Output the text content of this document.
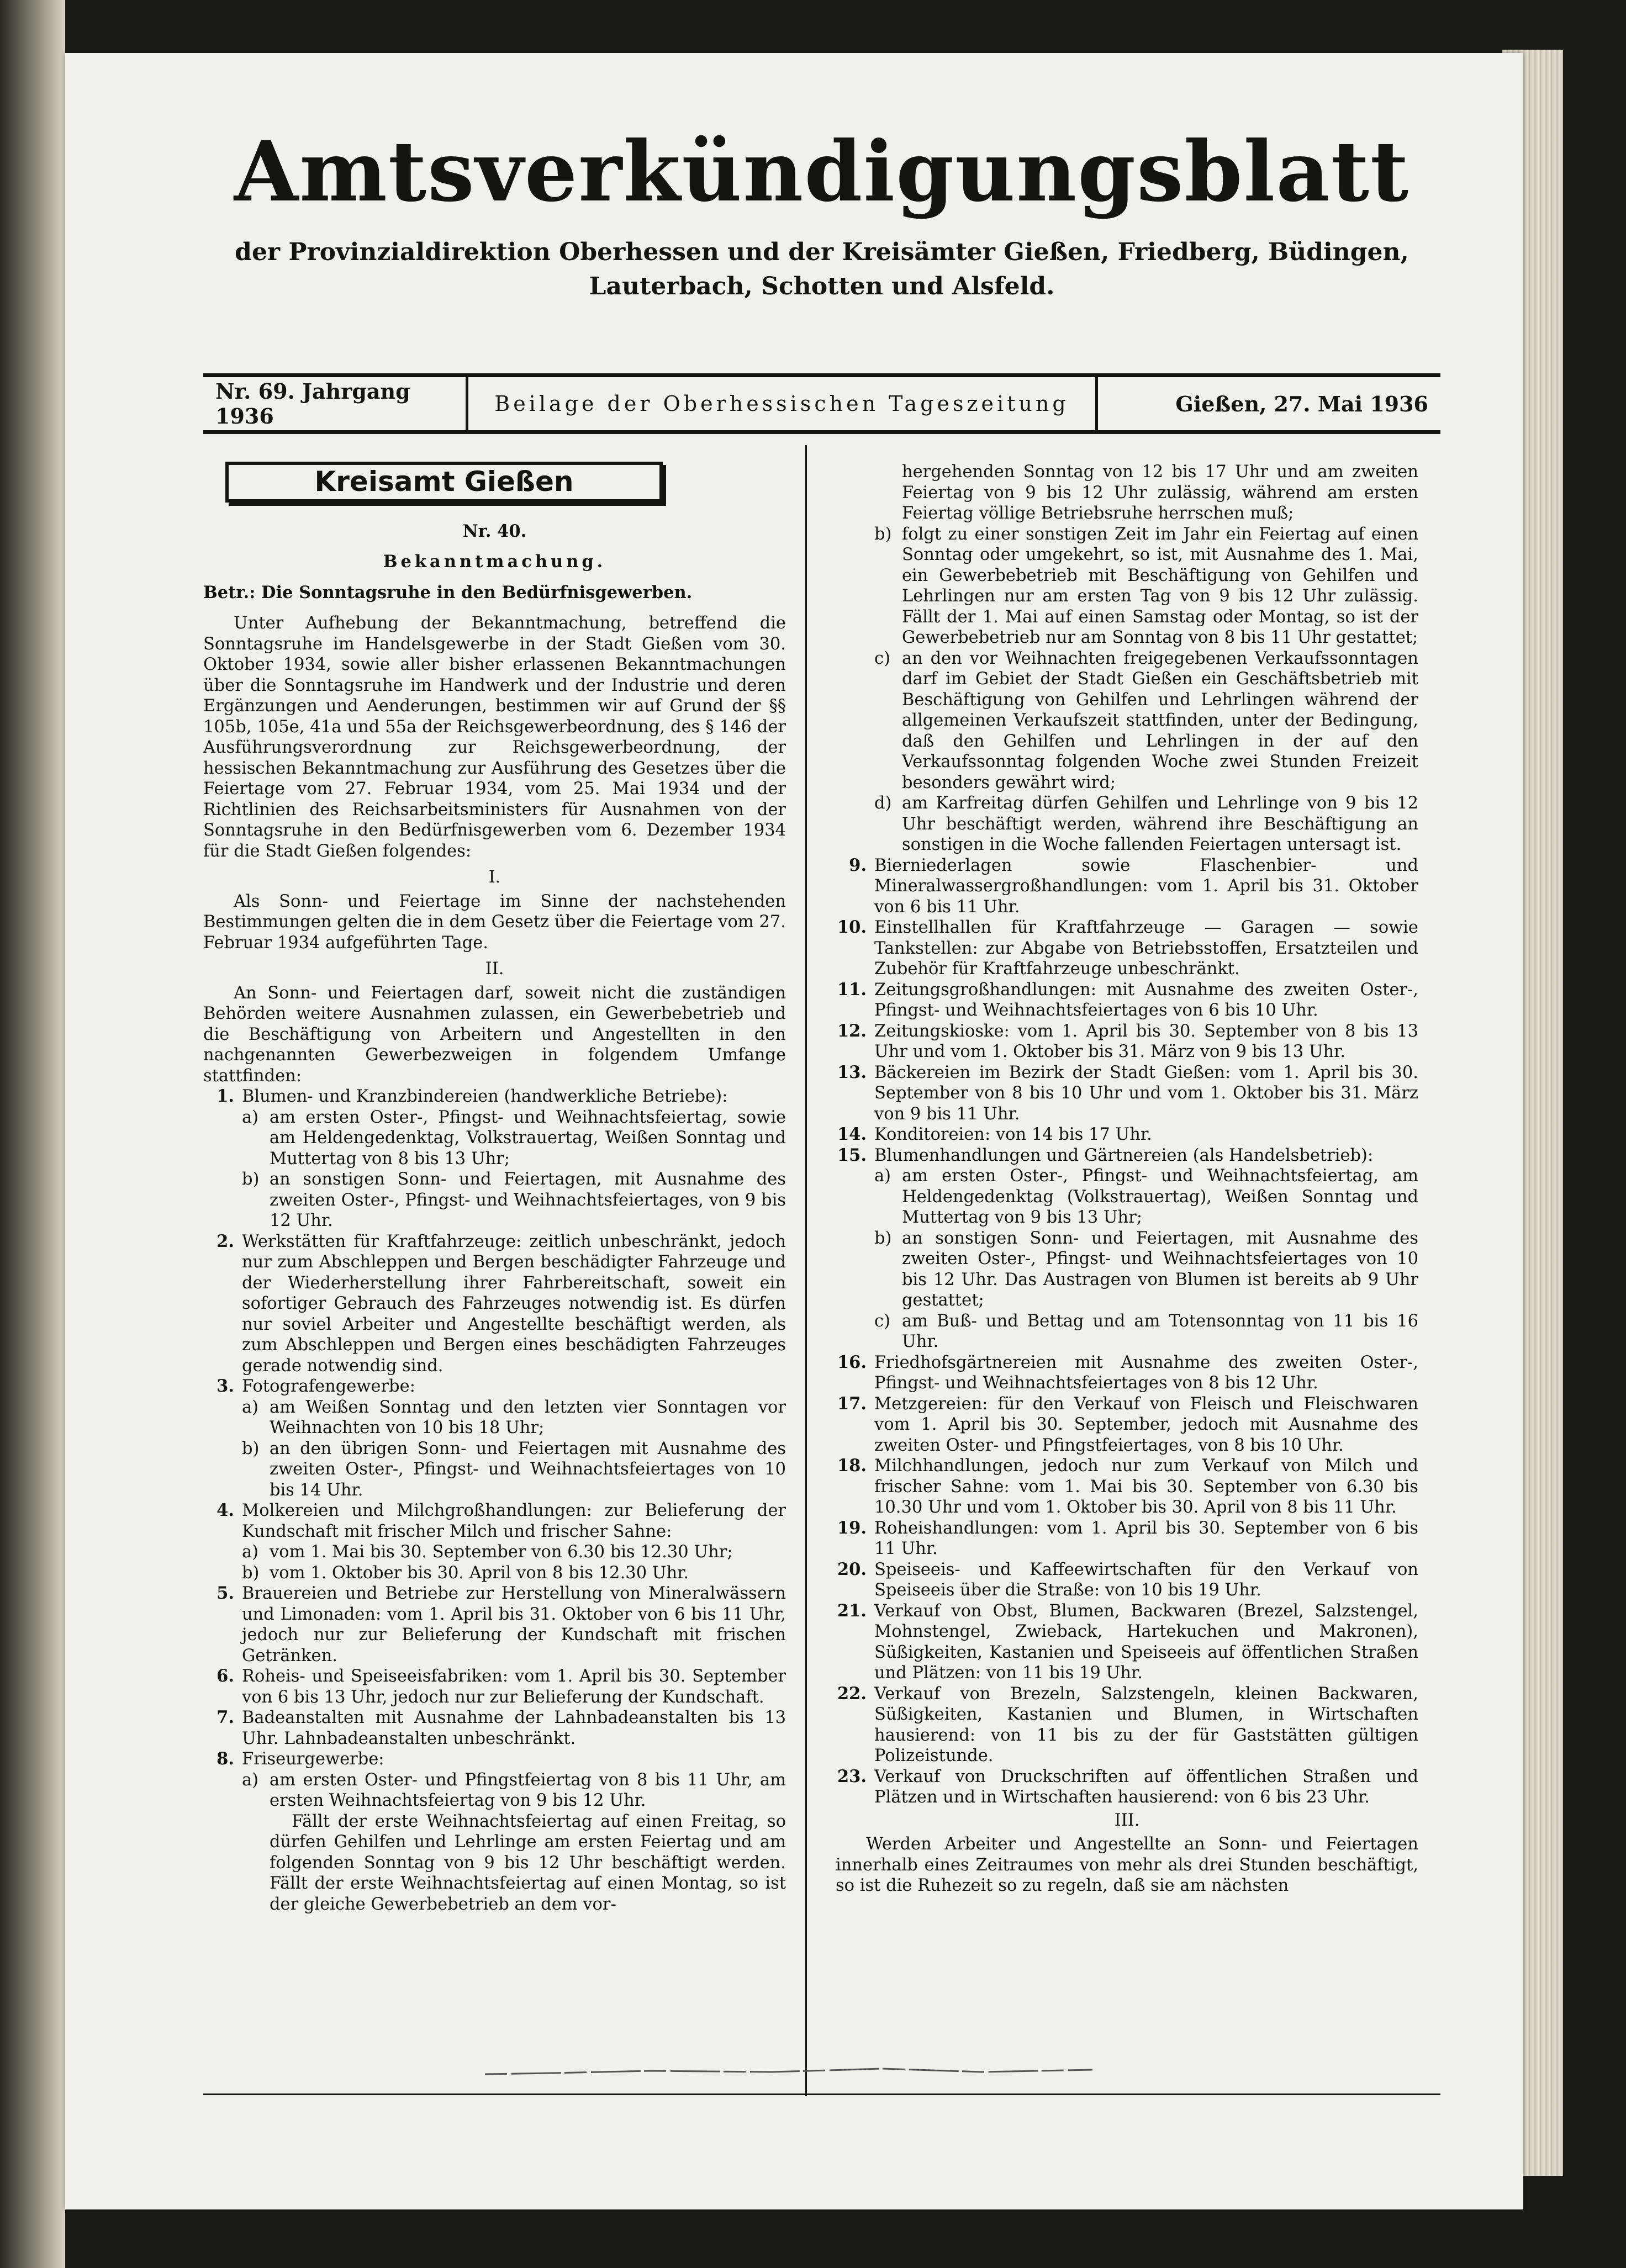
Amtsverkündigungsblatt
der Provinzialdirektion Oberhessen und der Kreisämter Gießen, Friedberg, Büdingen, Lauterbach, Schotten und Alsfeld.
Nr. 69. Jahrgang 1936	Beilage der Oberhessischen Tageszeitung	Gießen, 27. Mai 1936
Kreisamt Gießen

Nr. 40.

Bekanntmachung.

Betr.: Die Sonntagsruhe in den Bedürfnisgewerben.

Unter Aufhebung der Bekanntmachung, betreffend die Sonntagsruhe im Handelsgewerbe in der Stadt Gießen vom 30. Oktober 1934, sowie aller bisher erlassenen Bekanntmachungen über die Sonntagsruhe im Handwerk und der Industrie und deren Ergänzungen und Aenderungen, bestimmen wir auf Grund der §§ 105b, 105e, 41a und 55a der Reichsgewerbeordnung, des § 146 der Ausführungsverordnung zur Reichsgewerbeordnung, der hessischen Bekanntmachung zur Ausführung des Gesetzes über die Feiertage vom 27. Februar 1934, vom 25. Mai 1934 und der Richtlinien des Reichsarbeitsministers für Ausnahmen von der Sonntagsruhe in den Bedürfnisgewerben vom 6. Dezember 1934 für die Stadt Gießen folgendes:

I.

Als Sonn- und Feiertage im Sinne der nachstehenden Bestimmungen gelten die in dem Gesetz über die Feiertage vom 27. Februar 1934 aufgeführten Tage.

II.

An Sonn- und Feiertagen darf, soweit nicht die zuständigen Behörden weitere Ausnahmen zulassen, ein Gewerbebetrieb und die Beschäftigung von Arbeitern und Angestellten in den nachgenannten Gewerbezweigen in folgendem Umfange stattfinden:

1. Blumen- und Kranzbindereien (handwerkliche Betriebe):
a) am ersten Oster-, Pfingst- und Weihnachtsfeiertag, sowie am Heldengedenktag, Volkstrauertag, Weißen Sonntag und Muttertag von 8 bis 13 Uhr;
b) an sonstigen Sonn- und Feiertagen, mit Ausnahme des zweiten Oster-, Pfingst- und Weihnachtsfeiertages, von 9 bis 12 Uhr.
2. Werkstätten für Kraftfahrzeuge: zeitlich unbeschränkt, jedoch nur zum Abschleppen und Bergen beschädigter Fahrzeuge und der Wiederherstellung ihrer Fahrbereitschaft, soweit ein sofortiger Gebrauch des Fahrzeuges notwendig ist. Es dürfen nur soviel Arbeiter und Angestellte beschäftigt werden, als zum Abschleppen und Bergen eines beschädigten Fahrzeuges gerade notwendig sind.
3. Fotografengewerbe:
a) am Weißen Sonntag und den letzten vier Sonntagen vor Weihnachten von 10 bis 18 Uhr;
b) an den übrigen Sonn- und Feiertagen mit Ausnahme des zweiten Oster-, Pfingst- und Weihnachtsfeiertages von 10 bis 14 Uhr.
4. Molkereien und Milchgroßhandlungen: zur Belieferung der Kundschaft mit frischer Milch und frischer Sahne:
a) vom 1. Mai bis 30. September von 6.30 bis 12.30 Uhr;
b) vom 1. Oktober bis 30. April von 8 bis 12.30 Uhr.
5. Brauereien und Betriebe zur Herstellung von Mineralwässern und Limonaden: vom 1. April bis 31. Oktober von 6 bis 11 Uhr, jedoch nur zur Belieferung der Kundschaft mit frischen Getränken.
6. Roheis- und Speiseeisfabriken: vom 1. April bis 30. September von 6 bis 13 Uhr, jedoch nur zur Belieferung der Kundschaft.
7. Badeanstalten mit Ausnahme der Lahnbadeanstalten bis 13 Uhr. Lahnbadeanstalten unbeschränkt.
8. Friseurgewerbe:
a) am ersten Oster- und Pfingstfeiertag von 8 bis 11 Uhr, am ersten Weihnachtsfeiertag von 9 bis 12 Uhr.

Fällt der erste Weihnachtsfeiertag auf einen Freitag, so dürfen Gehilfen und Lehrlinge am ersten Feiertag und am folgenden Sonntag von 9 bis 12 Uhr beschäftigt werden. Fällt der erste Weihnachtsfeiertag auf einen Montag, so ist der gleiche Gewerbebetrieb an dem vor-

hergehenden Sonntag von 12 bis 17 Uhr und am zweiten Feiertag von 9 bis 12 Uhr zulässig, während am ersten Feiertag völlige Betriebsruhe herrschen muß;

b) folgt zu einer sonstigen Zeit im Jahr ein Feiertag auf einen Sonntag oder umgekehrt, so ist, mit Ausnahme des 1. Mai, ein Gewerbebetrieb mit Beschäftigung von Gehilfen und Lehrlingen nur am ersten Tag von 9 bis 12 Uhr zulässig. Fällt der 1. Mai auf einen Samstag oder Montag, so ist der Gewerbebetrieb nur am Sonntag von 8 bis 11 Uhr gestattet;
c) an den vor Weihnachten freigegebenen Verkaufssonntagen darf im Gebiet der Stadt Gießen ein Geschäftsbetrieb mit Beschäftigung von Gehilfen und Lehrlingen während der allgemeinen Verkaufszeit stattfinden, unter der Bedingung, daß den Gehilfen und Lehrlingen in der auf den Verkaufssonntag folgenden Woche zwei Stunden Freizeit besonders gewährt wird;
d) am Karfreitag dürfen Gehilfen und Lehrlinge von 9 bis 12 Uhr beschäftigt werden, während ihre Beschäftigung an sonstigen in die Woche fallenden Feiertagen untersagt ist.
9. Bierniederlagen sowie Flaschenbier- und Mineralwassergroßhandlungen: vom 1. April bis 31. Oktober von 6 bis 11 Uhr.
10. Einstellhallen für Kraftfahrzeuge — Garagen — sowie Tankstellen: zur Abgabe von Betriebsstoffen, Ersatzteilen und Zubehör für Kraftfahrzeuge unbeschränkt.
11. Zeitungsgroßhandlungen: mit Ausnahme des zweiten Oster-, Pfingst- und Weihnachtsfeiertages von 6 bis 10 Uhr.
12. Zeitungskioske: vom 1. April bis 30. September von 8 bis 13 Uhr und vom 1. Oktober bis 31. März von 9 bis 13 Uhr.
13. Bäckereien im Bezirk der Stadt Gießen: vom 1. April bis 30. September von 8 bis 10 Uhr und vom 1. Oktober bis 31. März von 9 bis 11 Uhr.
14. Konditoreien: von 14 bis 17 Uhr.
15. Blumenhandlungen und Gärtnereien (als Handelsbetrieb):
a) am ersten Oster-, Pfingst- und Weihnachtsfeiertag, am Heldengedenktag (Volkstrauertag), Weißen Sonntag und Muttertag von 9 bis 13 Uhr;
b) an sonstigen Sonn- und Feiertagen, mit Ausnahme des zweiten Oster-, Pfingst- und Weihnachtsfeiertages von 10 bis 12 Uhr. Das Austragen von Blumen ist bereits ab 9 Uhr gestattet;
c) am Buß- und Bettag und am Totensonntag von 11 bis 16 Uhr.
16. Friedhofsgärtnereien mit Ausnahme des zweiten Oster-, Pfingst- und Weihnachtsfeiertages von 8 bis 12 Uhr.
17. Metzgereien: für den Verkauf von Fleisch und Fleischwaren vom 1. April bis 30. September, jedoch mit Ausnahme des zweiten Oster- und Pfingstfeiertages, von 8 bis 10 Uhr.
18. Milchhandlungen, jedoch nur zum Verkauf von Milch und frischer Sahne: vom 1. Mai bis 30. September von 6.30 bis 10.30 Uhr und vom 1. Oktober bis 30. April von 8 bis 11 Uhr.
19. Roheishandlungen: vom 1. April bis 30. September von 6 bis 11 Uhr.
20. Speiseeis- und Kaffeewirtschaften für den Verkauf von Speiseeis über die Straße: von 10 bis 19 Uhr.
21. Verkauf von Obst, Blumen, Backwaren (Brezel, Salzstengel, Mohnstengel, Zwieback, Hartekuchen und Makronen), Süßigkeiten, Kastanien und Speiseeis auf öffentlichen Straßen und Plätzen: von 11 bis 19 Uhr.
22. Verkauf von Brezeln, Salzstengeln, kleinen Backwaren, Süßigkeiten, Kastanien und Blumen, in Wirtschaften hausierend: von 11 bis zu der für Gaststätten gültigen Polizeistunde.
23. Verkauf von Druckschriften auf öffentlichen Straßen und Plätzen und in Wirtschaften hausierend: von 6 bis 23 Uhr.

III.

Werden Arbeiter und Angestellte an Sonn- und Feiertagen innerhalb eines Zeitraumes von mehr als drei Stunden beschäftigt, so ist die Ruhezeit so zu regeln, daß sie am nächsten
